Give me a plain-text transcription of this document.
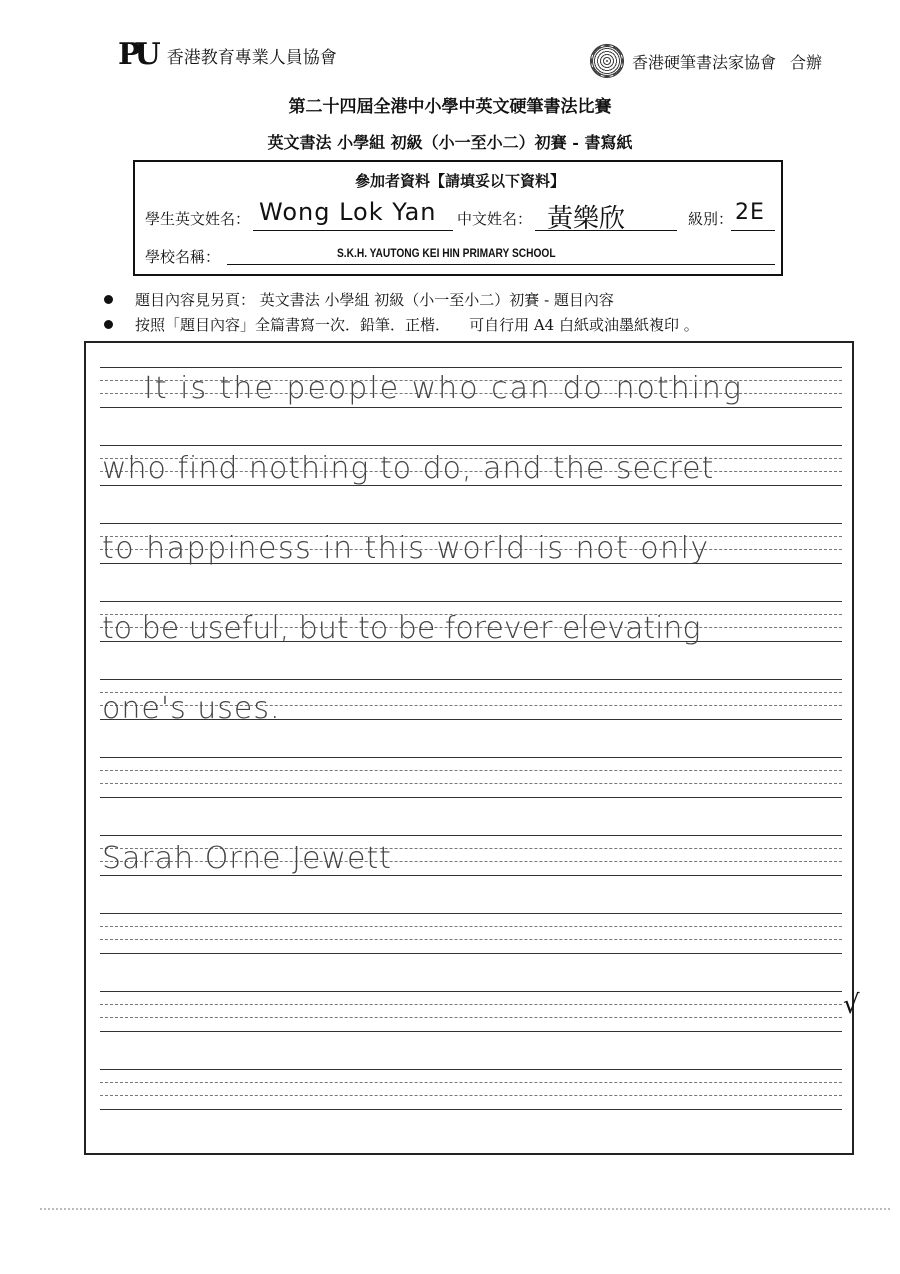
PU 香港教育專業人員協會	香港硬筆書法家協會 合辦
第二十四屆全港中小學中英文硬筆書法比賽
英文書法 小學組 初級（小一至小二）初賽 - 書寫紙
參加者資料【請填妥以下資料】
學生英文姓名： Wong Lok Yan 中文姓名： 黃樂欣	級別： 2E
學校名稱：	S.K.H. YAUTONG KEI HIN PRIMARY SCHOOL
題目內容見另頁： 英文書法 小學組 初級（小一至小二）初賽 - 題目內容
按照「題目內容」全篇書寫一次．鉛筆．正楷．    可自行用 A4 白紙或油墨紙複印 。
It is the people who can do nothing
who find nothing to do, and the secret
to happiness in this world is not only
to be useful, but to be forever elevating
one's uses.
Sarah Orne Jewett
√
